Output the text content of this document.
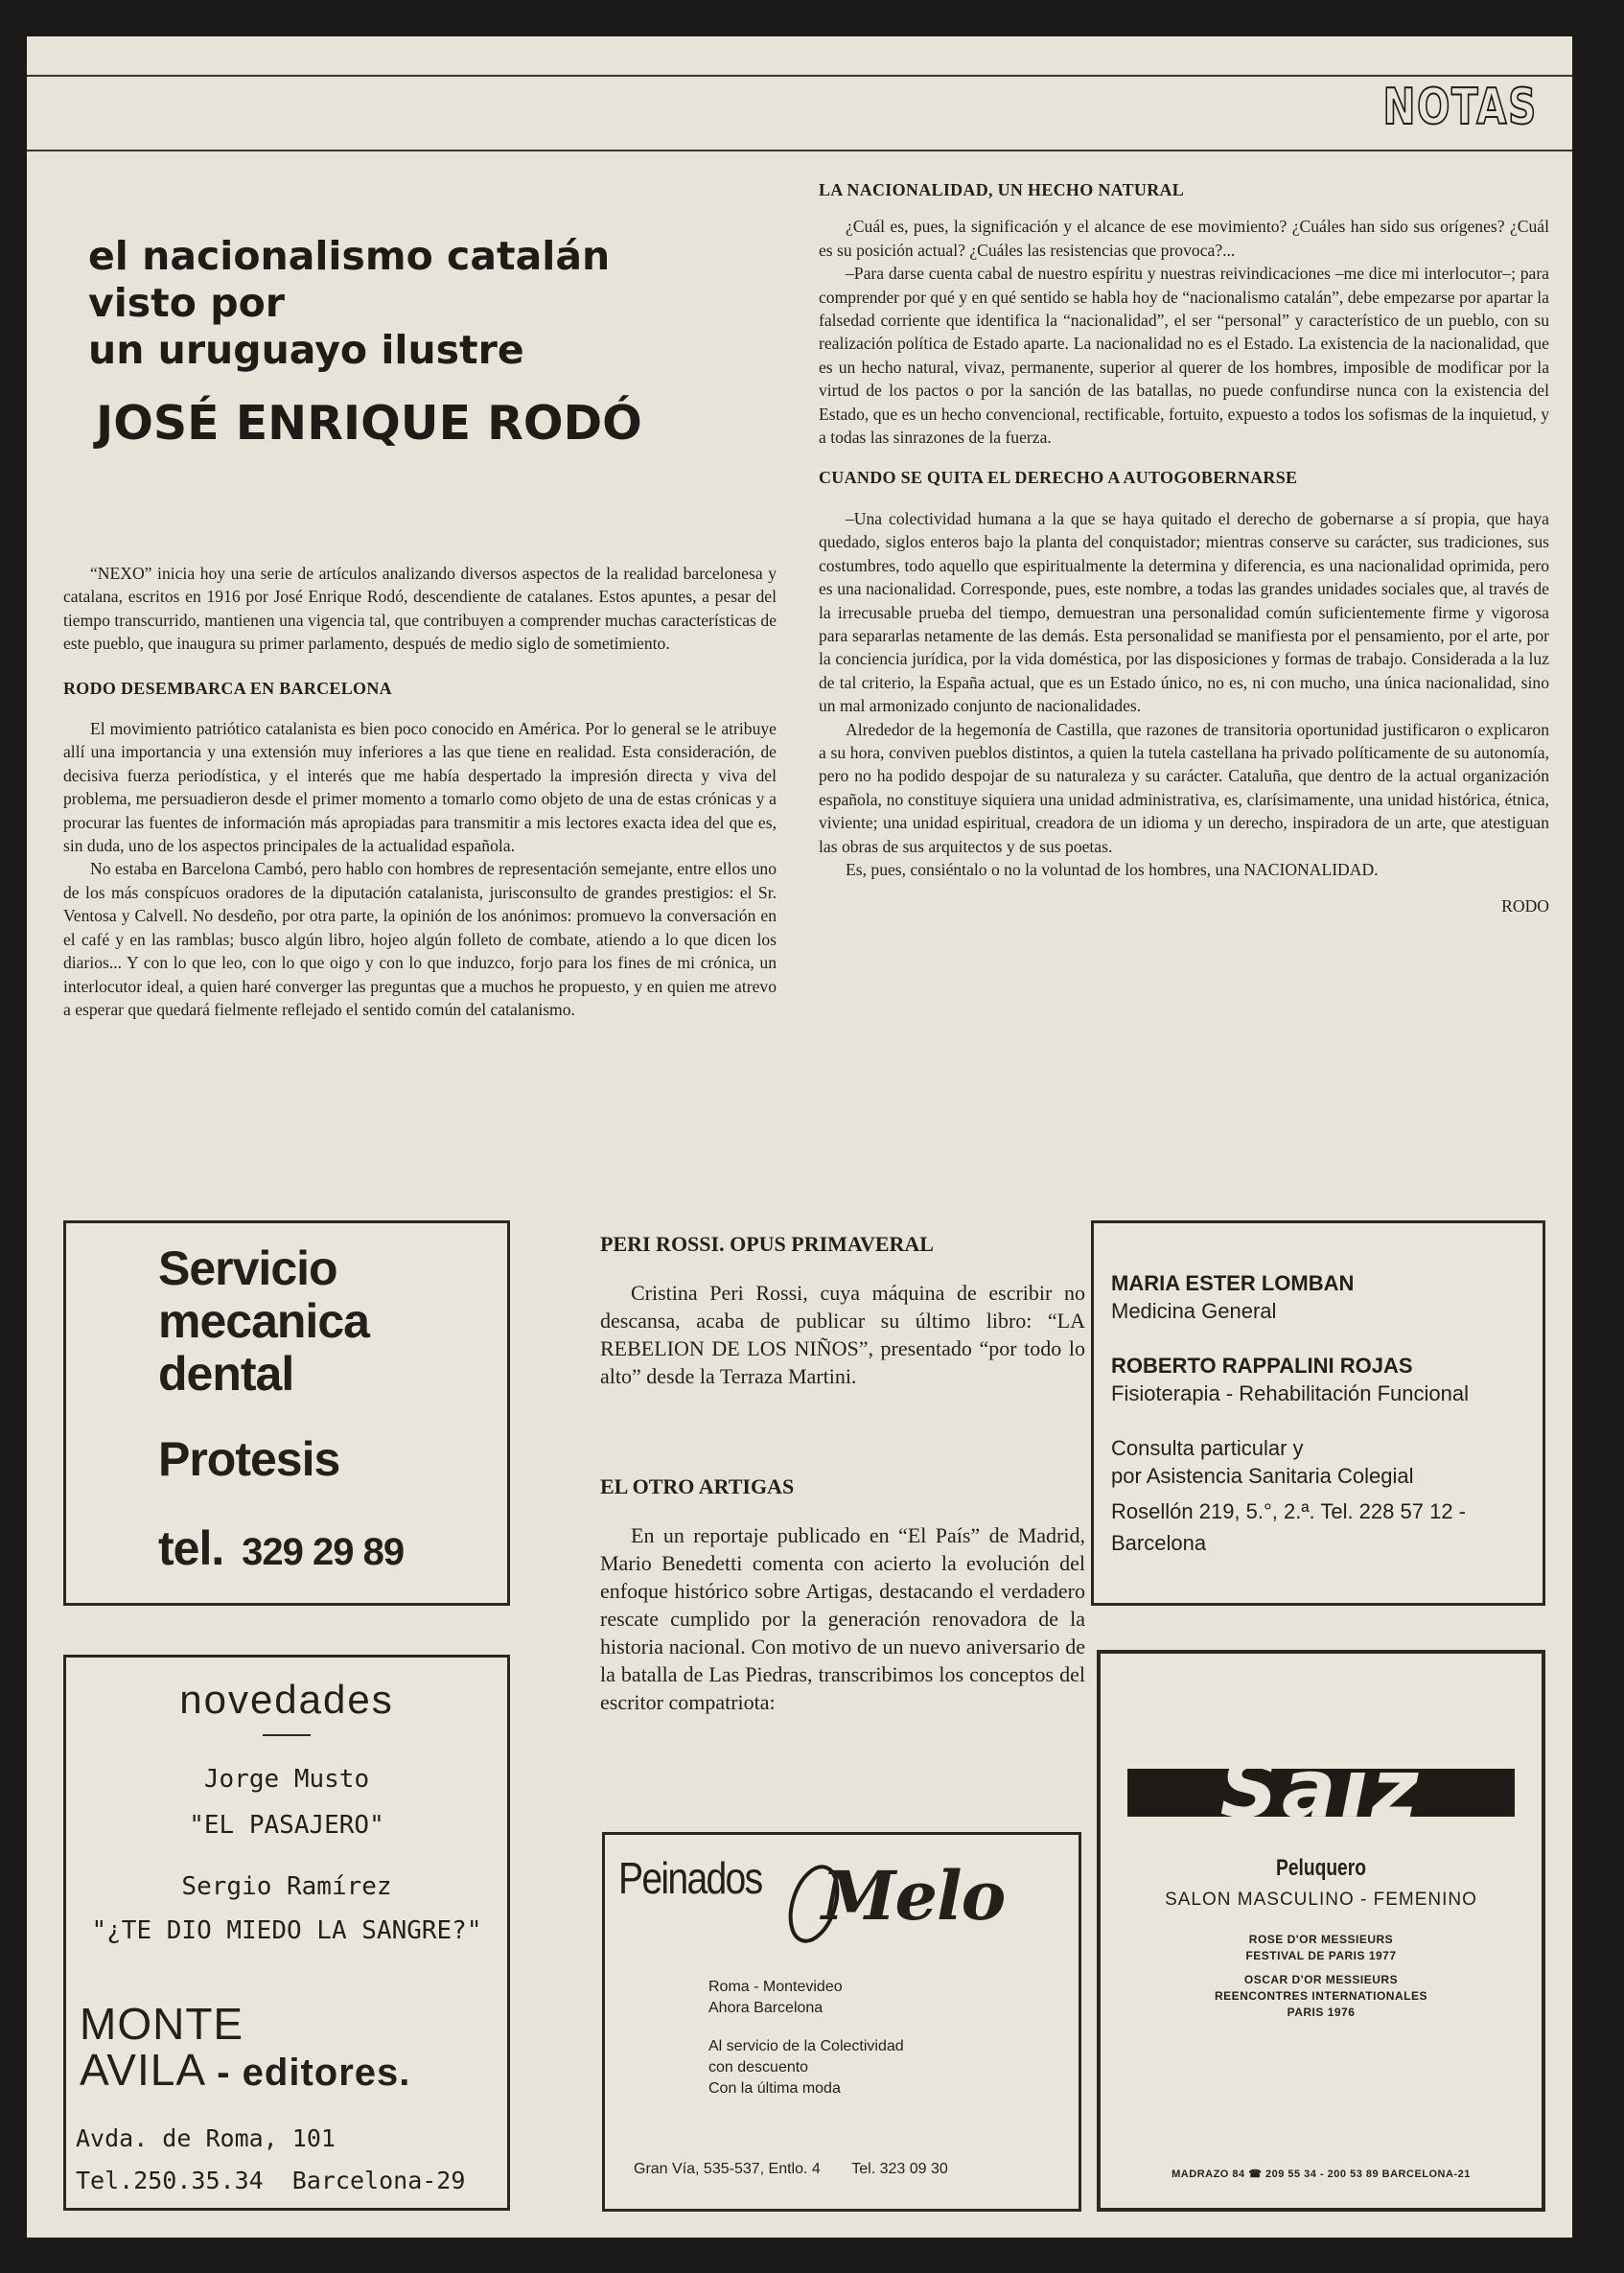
NOTAS
el nacionalismo catalán
visto por
un uruguayo ilustre
JOSÉ ENRIQUE RODÓ

“NEXO” inicia hoy una serie de artículos analizando diversos aspectos de la realidad barcelonesa y catalana, escritos en 1916 por José Enrique Rodó, descendiente de catalanes. Estos apuntes, a pesar del tiempo transcurrido, mantienen una vigencia tal, que contribuyen a comprender muchas características de este pueblo, que inaugura su primer parlamento, después de medio siglo de sometimiento.

RODO DESEMBARCA EN BARCELONA

El movimiento patriótico catalanista es bien poco conocido en América. Por lo general se le atribuye allí una importancia y una extensión muy inferiores a las que tiene en realidad. Esta consideración, de decisiva fuerza periodística, y el interés que me había despertado la impresión directa y viva del problema, me persuadieron desde el primer momento a tomarlo como objeto de una de estas crónicas y a procurar las fuentes de información más apropiadas para transmitir a mis lectores exacta idea del que es, sin duda, uno de los aspectos principales de la actualidad española.

No estaba en Barcelona Cambó, pero hablo con hombres de representación semejante, entre ellos uno de los más conspícuos oradores de la diputación catalanista, jurisconsulto de grandes prestigios: el Sr. Ventosa y Calvell. No desdeño, por otra parte, la opinión de los anónimos: promuevo la conversación en el café y en las ramblas; busco algún libro, hojeo algún folleto de combate, atiendo a lo que dicen los diarios... Y con lo que leo, con lo que oigo y con lo que induzco, forjo para los fines de mi crónica, un interlocutor ideal, a quien haré converger las preguntas que a muchos he propuesto, y en quien me atrevo a esperar que quedará fielmente reflejado el sentido común del catalanismo.

LA NACIONALIDAD, UN HECHO NATURAL

¿Cuál es, pues, la significación y el alcance de ese movimiento? ¿Cuáles han sido sus orígenes? ¿Cuál es su posición actual? ¿Cuáles las resistencias que provoca?...

–Para darse cuenta cabal de nuestro espíritu y nuestras reivindicaciones –me dice mi interlocutor–; para comprender por qué y en qué sentido se habla hoy de “nacionalismo catalán”, debe empezarse por apartar la falsedad corriente que identifica la “nacionalidad”, el ser “personal” y característico de un pueblo, con su realización política de Estado aparte. La nacionalidad no es el Estado. La existencia de la nacionalidad, que es un hecho natural, vivaz, permanente, superior al querer de los hombres, imposible de modificar por la virtud de los pactos o por la sanción de las batallas, no puede confundirse nunca con la existencia del Estado, que es un hecho convencional, rectificable, fortuito, expuesto a todos los sofismas de la inquietud, y a todas las sinrazones de la fuerza.

CUANDO SE QUITA EL DERECHO A AUTOGOBERNARSE

–Una colectividad humana a la que se haya quitado el derecho de gobernarse a sí propia, que haya quedado, siglos enteros bajo la planta del conquistador; mientras conserve su carácter, sus tradiciones, sus costumbres, todo aquello que espiritualmente la determina y diferencia, es una nacionalidad oprimida, pero es una nacionalidad. Corresponde, pues, este nombre, a todas las grandes unidades sociales que, al través de la irrecusable prueba del tiempo, demuestran una personalidad común suficientemente firme y vigorosa para separarlas netamente de las demás. Esta personalidad se manifiesta por el pensamiento, por el arte, por la conciencia jurídica, por la vida doméstica, por las disposiciones y formas de trabajo. Considerada a la luz de tal criterio, la España actual, que es un Estado único, no es, ni con mucho, una única nacionalidad, sino un mal armonizado conjunto de nacionalidades.

Alrededor de la hegemonía de Castilla, que razones de transitoria oportunidad justificaron o explicaron a su hora, conviven pueblos distintos, a quien la tutela castellana ha privado políticamente de su autonomía, pero no ha podido despojar de su naturaleza y su carácter. Cataluña, que dentro de la actual organización española, no constituye siquiera una unidad administrativa, es, clarísimamente, una unidad histórica, étnica, viviente; una unidad espiritual, creadora de un idioma y un derecho, inspiradora de un arte, que atestiguan las obras de sus arquitectos y de sus poetas.

Es, pues, consiéntalo o no la voluntad de los hombres, una NACIONALIDAD.

RODO
PERI ROSSI. OPUS PRIMAVERAL

Cristina Peri Rossi, cuya máquina de escribir no descansa, acaba de publicar su último libro: “LA REBELION DE LOS NIÑOS”, presentado “por todo lo alto” desde la Terraza Martini.

EL OTRO ARTIGAS

En un reportaje publicado en “El País” de Madrid, Mario Benedetti comenta con acierto la evolución del enfoque histórico sobre Artigas, destacando el verdadero rescate cumplido por la generación renovadora de la historia nacional. Con motivo de un nuevo aniversario de la batalla de Las Piedras, transcribimos los conceptos del escritor compatriota:

Servicio
mecanica
dental
Protesis
tel. 329 29 89
novedades
Jorge Musto
"EL PASAJERO"
Sergio Ramírez
"¿TE DIO MIEDO LA SANGRE?"
MONTE
AVILA - editores.
Avda. de Roma, 101
Tel.250.35.34 Barcelona-29
MARIA ESTER LOMBAN
Medicina General
ROBERTO RAPPALINI ROJAS
Fisioterapia - Rehabilitación Funcional
Consulta particular y
por Asistencia Sanitaria Colegial
Rosellón 219, 5.°, 2.ª. Tel. 228 57 12 -
Barcelona
Peinados Melo
Roma - Montevideo
Ahora Barcelona
Al servicio de la Colectividad
con descuento
Con la última moda
Gran Vía, 535-537, Entlo. 4 Tel. 323 09 30
Saiz
Peluquero
SALON MASCULINO - FEMENINO
ROSE D'OR MESSIEURS
FESTIVAL DE PARIS 1977
OSCAR D'OR MESSIEURS
REENCONTRES INTERNATIONALES
PARIS 1976
MADRAZO 84 ☎ 209 55 34 - 200 53 89 BARCELONA-21
